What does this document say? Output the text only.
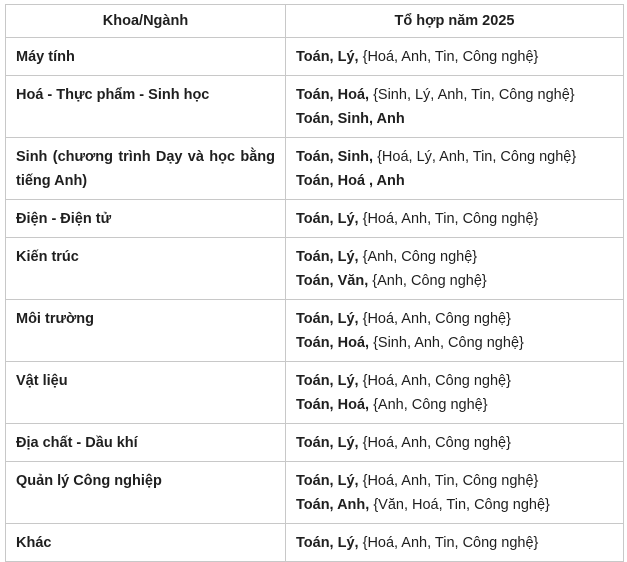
Khoa/Ngành	Tổ hợp năm 2025
Máy tính	Toán, Lý, {Hoá, Anh, Tin, Công nghệ}

Hoá - Thực phẩm - Sinh học	Toán, Hoá, {Sinh, Lý, Anh, Tin, Công nghệ}
Toán, Sinh, Anh

Sinh (chương trình Dạy và học bằng tiếng Anh)	Toán, Sinh, {Hoá, Lý, Anh, Tin, Công nghệ}
Toán, Hoá , Anh

Điện - Điện tử	Toán, Lý, {Hoá, Anh, Tin, Công nghệ}

Kiến trúc	Toán, Lý, {Anh, Công nghệ}
Toán, Văn, {Anh, Công nghệ}

Môi trường	Toán, Lý, {Hoá, Anh, Công nghệ}
Toán, Hoá, {Sinh, Anh, Công nghệ}

Vật liệu	Toán, Lý, {Hoá, Anh, Công nghệ}
Toán, Hoá, {Anh, Công nghệ}

Địa chất - Dầu khí	Toán, Lý, {Hoá, Anh, Công nghệ}

Quản lý Công nghiệp	Toán, Lý, {Hoá, Anh, Tin, Công nghệ}
Toán, Anh, {Văn, Hoá, Tin, Công nghệ}

Khác	Toán, Lý, {Hoá, Anh, Tin, Công nghệ}
